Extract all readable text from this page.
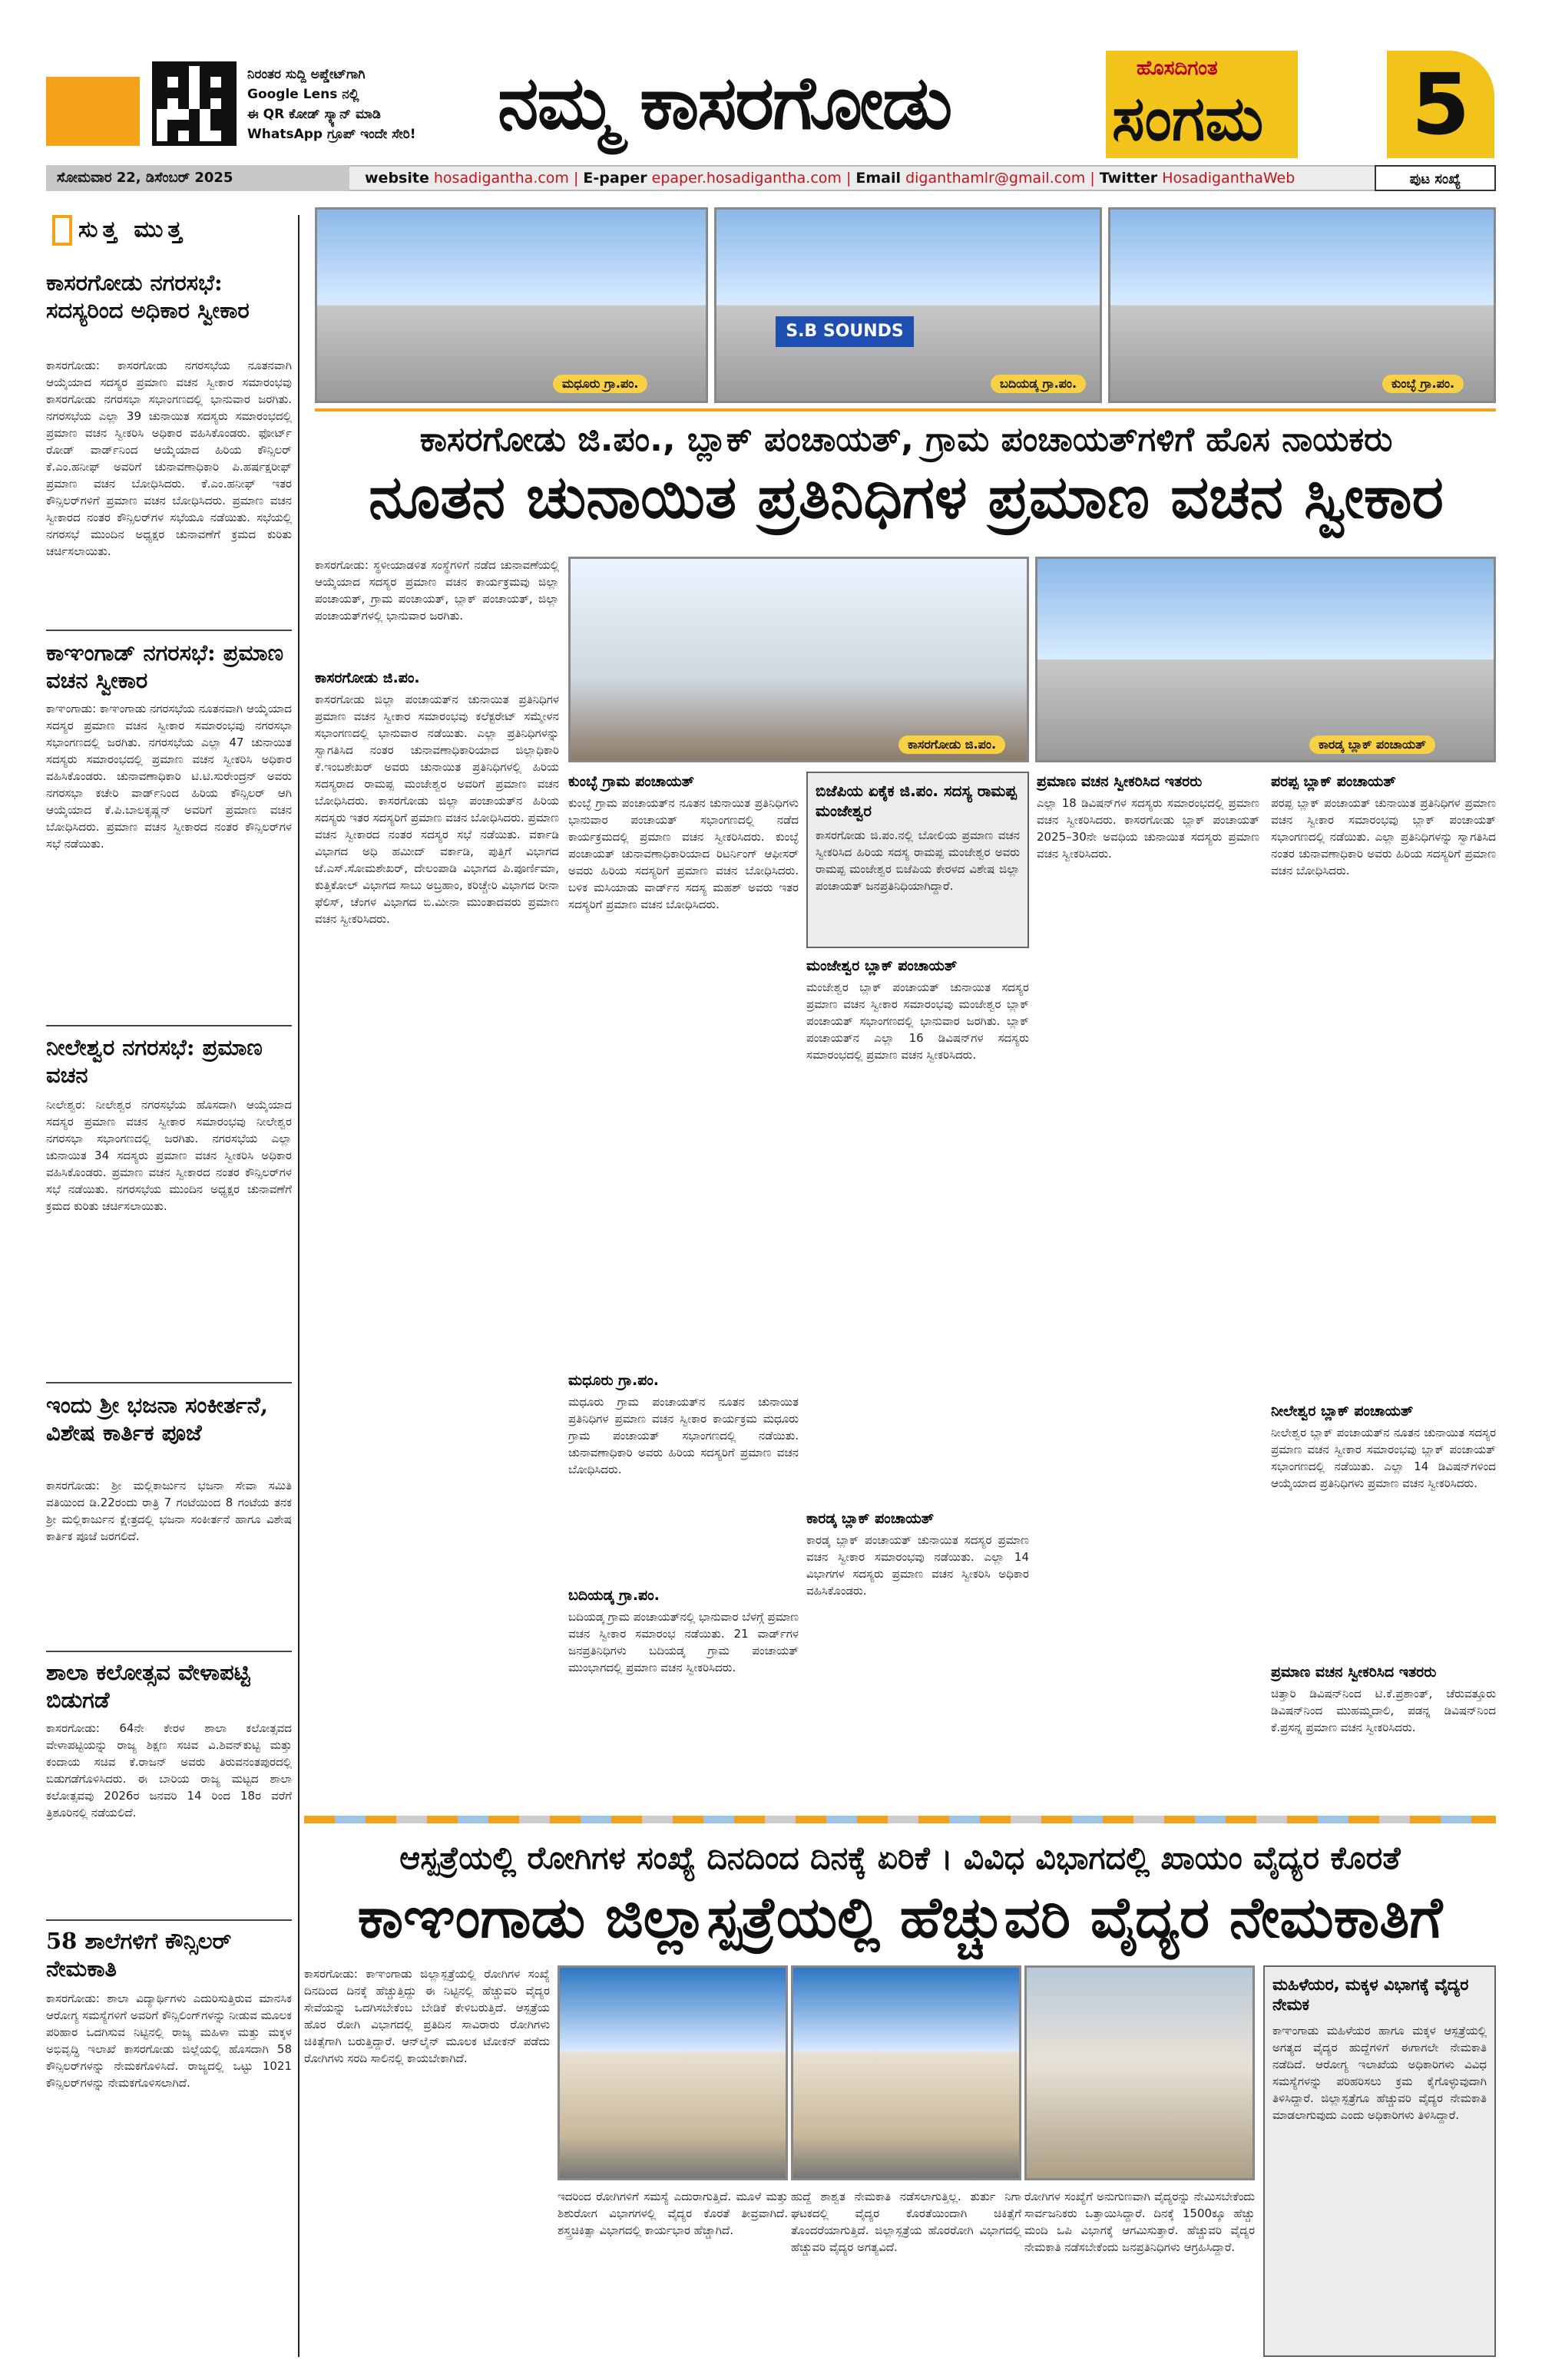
ನಿರಂತರ ಸುದ್ದಿ ಅಪ್ಡೇಟ್‌ಗಾಗಿ
Google Lens ನಲ್ಲಿ
ಈ QR ಕೋಡ್ ಸ್ಕ್ಯಾನ್ ಮಾಡಿ
WhatsApp ಗ್ರೂಪ್ ಇಂದೇ ಸೇರಿ!	ನಮ್ಮ ಕಾಸರಗೋಡು	ಹೊಸದಿಗಂತ
ಸಂಗಮ 5
ಸೋಮವಾರ 22, ಡಿಸೆಂಬರ್ 2025	website hosadigantha.com | E-paper epaper.hosadigantha.com | Email diganthamlr@gmail.com | Twitter HosadiganthaWeb	ಪುಟ ಸಂಖ್ಯೆ
ಸುತ್ತ ಮುತ್ತ
ಕಾಸರಗೋಡು ನಗರಸಭೆ: ಸದಸ್ಯರಿಂದ ಅಧಿಕಾರ ಸ್ವೀಕಾರ
ಕಾಸರಗೋಡು: ಕಾಸರಗೋಡು ನಗರಸಭೆಯ ನೂತನವಾಗಿ ಆಯ್ಕೆಯಾದ ಸದಸ್ಯರ ಪ್ರಮಾಣ ವಚನ ಸ್ವೀಕಾರ ಸಮಾರಂಭವು ಕಾಸರಗೋಡು ನಗರಸಭಾ ಸಭಾಂಗಣದಲ್ಲಿ ಭಾನುವಾರ ಜರಗಿತು. ನಗರಸಭೆಯ ಎಲ್ಲಾ 39 ಚುನಾಯಿತ ಸದಸ್ಯರು ಸಮಾರಂಭದಲ್ಲಿ ಪ್ರಮಾಣ ವಚನ ಸ್ವೀಕರಿಸಿ ಅಧಿಕಾರ ವಹಿಸಿಕೊಂಡರು. ಫೋರ್ಟ್ ರೋಡ್ ವಾರ್ಡ್‌ನಿಂದ ಆಯ್ಕೆಯಾದ ಹಿರಿಯ ಕೌನ್ಸಿಲರ್ ಕೆ.ಎಂ.ಹನೀಫ್ ಅವರಿಗೆ ಚುನಾವಣಾಧಿಕಾರಿ ಪಿ.ಹರ್ಷಕ್ಷರೀಫ್ ಪ್ರಮಾಣ ವಚನ ಬೋಧಿಸಿದರು. ಕೆ.ಎಂ.ಹನೀಫ್ ಇತರ ಕೌನ್ಸಿಲರ್‌ಗಳಿಗೆ ಪ್ರಮಾಣ ವಚನ ಬೋಧಿಸಿದರು. ಪ್ರಮಾಣ ವಚನ ಸ್ವೀಕಾರದ ನಂತರ ಕೌನ್ಸಿಲರ್‌ಗಳ ಸಭೆಯೂ ನಡೆಯಿತು. ಸಭೆಯಲ್ಲಿ ನಗರಸಭೆ ಮುಂದಿನ ಅಧ್ಯಕ್ಷರ ಚುನಾವಣೆಗೆ ಕ್ರಮದ ಕುರಿತು ಚರ್ಚಿಸಲಾಯಿತು.
ಕಾಞಂಗಾಡ್ ನಗರಸಭೆ: ಪ್ರಮಾಣ ವಚನ ಸ್ವೀಕಾರ
ಕಾಞಂಗಾಡು: ಕಾಞಂಗಾಡು ನಗರಸಭೆಯ ನೂತನವಾಗಿ ಆಯ್ಕೆಯಾದ ಸದಸ್ಯರ ಪ್ರಮಾಣ ವಚನ ಸ್ವೀಕಾರ ಸಮಾರಂಭವು ನಗರಸಭಾ ಸಭಾಂಗಣದಲ್ಲಿ ಜರಗಿತು. ನಗರಸಭೆಯ ಎಲ್ಲಾ 47 ಚುನಾಯಿತ ಸದಸ್ಯರು ಸಮಾರಂಭದಲ್ಲಿ ಪ್ರಮಾಣ ವಚನ ಸ್ವೀಕರಿಸಿ ಅಧಿಕಾರ ವಹಿಸಿಕೊಂಡರು. ಚುನಾವಣಾಧಿಕಾರಿ ಟಿ.ಟಿ.ಸುರೇಂದ್ರನ್ ಅವರು ನಗರಸಭಾ ಕಚೇರಿ ವಾರ್ಡ್‌ನಿಂದ ಹಿರಿಯ ಕೌನ್ಸಿಲರ್ ಆಗಿ ಆಯ್ಕೆಯಾದ ಕೆ.ಪಿ.ಬಾಲಕೃಷ್ಣನ್ ಅವರಿಗೆ ಪ್ರಮಾಣ ವಚನ ಬೋಧಿಸಿದರು. ಪ್ರಮಾಣ ವಚನ ಸ್ವೀಕಾರದ ನಂತರ ಕೌನ್ಸಿಲರ್‌ಗಳ ಸಭೆ ನಡೆಯಿತು.
ನೀಲೇಶ್ವರ ನಗರಸಭೆ: ಪ್ರಮಾಣ ವಚನ
ನೀಲೇಶ್ವರ: ನೀಲೇಶ್ವರ ನಗರಸಭೆಯ ಹೊಸದಾಗಿ ಆಯ್ಕೆಯಾದ ಸದಸ್ಯರ ಪ್ರಮಾಣ ವಚನ ಸ್ವೀಕಾರ ಸಮಾರಂಭವು ನೀಲೇಶ್ವರ ನಗರಸಭಾ ಸಭಾಂಗಣದಲ್ಲಿ ಜರಗಿತು. ನಗರಸಭೆಯ ಎಲ್ಲಾ ಚುನಾಯಿತ 34 ಸದಸ್ಯರು ಪ್ರಮಾಣ ವಚನ ಸ್ವೀಕರಿಸಿ ಅಧಿಕಾರ ವಹಿಸಿಕೊಂಡರು. ಪ್ರಮಾಣ ವಚನ ಸ್ವೀಕಾರದ ನಂತರ ಕೌನ್ಸಿಲರ್‌ಗಳ ಸಭೆ ನಡೆಯಿತು. ನಗರಸಭೆಯ ಮುಂದಿನ ಅಧ್ಯಕ್ಷರ ಚುನಾವಣೆಗೆ ಕ್ರಮದ ಕುರಿತು ಚರ್ಚಿಸಲಾಯಿತು.
ಇಂದು ಶ್ರೀ ಭಜನಾ ಸಂಕೀರ್ತನೆ, ವಿಶೇಷ ಕಾರ್ತಿಕ ಪೂಜೆ
ಕಾಸರಗೋಡು: ಶ್ರೀ ಮಲ್ಲಿಕಾರ್ಜುನ ಭಜನಾ ಸೇವಾ ಸಮಿತಿ ವತಿಯಿಂದ ಡಿ.22ರಂದು ರಾತ್ರಿ 7 ಗಂಟೆಯಿಂದ 8 ಗಂಟೆಯ ತನಕ ಶ್ರೀ ಮಲ್ಲಿಕಾರ್ಜುನ ಕ್ಷೇತ್ರದಲ್ಲಿ ಭಜನಾ ಸಂಕೀರ್ತನೆ ಹಾಗೂ ವಿಶೇಷ ಕಾರ್ತಿಕ ಪೂಜೆ ಜರಗಲಿದೆ.
ಶಾಲಾ ಕಲೋತ್ಸವ ವೇಳಾಪಟ್ಟಿ ಬಿಡುಗಡೆ
ಕಾಸರಗೋಡು: 64ನೇ ಕೇರಳ ಶಾಲಾ ಕಲೋತ್ಸವದ ವೇಳಾಪಟ್ಟಿಯನ್ನು ರಾಜ್ಯ ಶಿಕ್ಷಣ ಸಚಿವ ವಿ.ಶಿವನ್‌ಕುಟ್ಟಿ ಮತ್ತು ಕಂದಾಯ ಸಚಿವ ಕೆ.ರಾಜನ್ ಅವರು ತಿರುವನಂತಪುರದಲ್ಲಿ ಬಿಡುಗಡೆಗೊಳಿಸಿದರು. ಈ ಬಾರಿಯ ರಾಜ್ಯ ಮಟ್ಟದ ಶಾಲಾ ಕಲೋತ್ಸವವು 2026ರ ಜನವರಿ 14 ರಿಂದ 18ರ ವರೆಗೆ ತ್ರಿಶೂರಿನಲ್ಲಿ ನಡೆಯಲಿದೆ.
58 ಶಾಲೆಗಳಿಗೆ ಕೌನ್ಸಿಲರ್ ನೇಮಕಾತಿ
ಕಾಸರಗೋಡು: ಶಾಲಾ ವಿದ್ಯಾರ್ಥಿಗಳು ಎದುರಿಸುತ್ತಿರುವ ಮಾನಸಿಕ ಆರೋಗ್ಯ ಸಮಸ್ಯೆಗಳಿಗೆ ಅವರಿಗೆ ಕೌನ್ಸಿಲಿಂಗ್‌ಗಳನ್ನು ನೀಡುವ ಮೂಲಕ ಪರಿಹಾರ ಒದಗಿಸುವ ನಿಟ್ಟಿನಲ್ಲಿ ರಾಜ್ಯ ಮಹಿಳಾ ಮತ್ತು ಮಕ್ಕಳ ಅಭಿವೃದ್ಧಿ ಇಲಾಖೆ ಕಾಸರಗೋಡು ಜಿಲ್ಲೆಯಲ್ಲಿ ಹೊಸದಾಗಿ 58 ಕೌನ್ಸಿಲರ್‌ಗಳನ್ನು ನೇಮಕಗೊಳಿಸಿದೆ. ರಾಜ್ಯದಲ್ಲಿ ಒಟ್ಟು 1021 ಕೌನ್ಸಿಲರ್‌ಗಳನ್ನು ನೇಮಕಗೊಳಿಸಲಾಗಿದೆ.
ಮಧೂರು ಗ್ರಾ.ಪಂ.
S.B SOUNDS
ಬದಿಯಡ್ಕ ಗ್ರಾ.ಪಂ.	ಕುಂಬ್ಳೆ ಗ್ರಾ.ಪಂ.
ಕಾಸರಗೋಡು ಜಿ.ಪಂ., ಬ್ಲಾಕ್ ಪಂಚಾಯತ್, ಗ್ರಾಮ ಪಂಚಾಯತ್‌ಗಳಿಗೆ ಹೊಸ ನಾಯಕರು
ನೂತನ ಚುನಾಯಿತ ಪ್ರತಿನಿಧಿಗಳ ಪ್ರಮಾಣ ವಚನ ಸ್ವೀಕಾರ
ಕಾಸರಗೋಡು: ಸ್ಥಳೀಯಾಡಳಿತ ಸಂಸ್ಥೆಗಳಿಗೆ ನಡೆದ ಚುನಾವಣೆಯಲ್ಲಿ ಆಯ್ಕೆಯಾದ ಸದಸ್ಯರ ಪ್ರಮಾಣ ವಚನ ಕಾರ್ಯಕ್ರಮವು ಜಿಲ್ಲಾ ಪಂಚಾಯತ್, ಗ್ರಾಮ ಪಂಚಾಯತ್, ಬ್ಲಾಕ್ ಪಂಚಾಯತ್, ಜಿಲ್ಲಾ ಪಂಚಾಯತ್‌ಗಳಲ್ಲಿ ಭಾನುವಾರ ಜರಗಿತು.
ಕಾಸರಗೋಡು ಜಿ.ಪಂ.
ಕಾಸರಗೋಡು ಜಿಲ್ಲಾ ಪಂಚಾಯತ್‌ನ ಚುನಾಯಿತ ಪ್ರತಿನಿಧಿಗಳ ಪ್ರಮಾಣ ವಚನ ಸ್ವೀಕಾರ ಸಮಾರಂಭವು ಕಲೆಕ್ಟರೇಟ್ ಸಮ್ಮೇಳನ ಸಭಾಂಗಣದಲ್ಲಿ ಭಾನುವಾರ ನಡೆಯಿತು. ಎಲ್ಲಾ ಪ್ರತಿನಿಧಿಗಳನ್ನು ಸ್ವಾಗತಿಸಿದ ನಂತರ ಚುನಾವಣಾಧಿಕಾರಿಯಾದ ಜಿಲ್ಲಾಧಿಕಾರಿ ಕೆ.ಇಂಬಶೇಖರ್ ಅವರು ಚುನಾಯಿತ ಪ್ರತಿನಿಧಿಗಳಲ್ಲಿ ಹಿರಿಯ ಸದಸ್ಯರಾದ ರಾಮಪ್ಪ ಮಂಜೇಶ್ವರ ಅವರಿಗೆ ಪ್ರಮಾಣ ವಚನ ಬೋಧಿಸಿದರು. ಕಾಸರಗೋಡು ಜಿಲ್ಲಾ ಪಂಚಾಯತ್‌ನ ಹಿರಿಯ ಸದಸ್ಯರು ಇತರ ಸದಸ್ಯರಿಗೆ ಪ್ರಮಾಣ ವಚನ ಬೋಧಿಸಿದರು. ಪ್ರಮಾಣ ವಚನ ಸ್ವೀಕಾರದ ನಂತರ ಸದಸ್ಯರ ಸಭೆ ನಡೆಯಿತು. ವರ್ಕಾಡಿ ವಿಭಾಗದ ಅಧಿ ಹಮೀದ್ ವರ್ಕಾಡಿ, ಪುತ್ತಿಗೆ ವಿಭಾಗದ ಜೆ.ಎಸ್.ಸೋಮಶೇಖರ್, ದೇಲಂಪಾಡಿ ವಿಭಾಗದ ಪಿ.ಪೂರ್ಣಿಮಾ, ಕುತ್ತಿಕೋಲ್ ವಿಭಾಗದ ಸಾಬು ಅಬ್ರಹಾಂ, ಕರಿಚ್ಚೇರಿ ವಿಭಾಗದ ರೀನಾ ಫೆಲಿಸ್, ಚೆಂಗಳ ವಿಭಾಗದ ಬಿ.ಮೀನಾ ಮುಂತಾದವರು ಪ್ರಮಾಣ ವಚನ ಸ್ವೀಕರಿಸಿದರು.
ಕಾಸರಗೋಡು ಜಿ.ಪಂ.	ಕಾರಡ್ಕ ಬ್ಲಾಕ್ ಪಂಚಾಯತ್
ಕುಂಬ್ಳೆ ಗ್ರಾಮ ಪಂಚಾಯತ್
ಕುಂಬ್ಳೆ ಗ್ರಾಮ ಪಂಚಾಯತ್‌ನ ನೂತನ ಚುನಾಯಿತ ಪ್ರತಿನಿಧಿಗಳು ಭಾನುವಾರ ಪಂಚಾಯತ್ ಸಭಾಂಗಣದಲ್ಲಿ ನಡೆದ ಕಾರ್ಯಕ್ರಮದಲ್ಲಿ ಪ್ರಮಾಣ ವಚನ ಸ್ವೀಕರಿಸಿದರು. ಕುಂಬ್ಳೆ ಪಂಚಾಯತ್ ಚುನಾವಣಾಧಿಕಾರಿಯಾದ ರಿಟರ್ನಿಂಗ್ ಆಫೀಸರ್ ಅವರು ಹಿರಿಯ ಸದಸ್ಯರಿಗೆ ಪ್ರಮಾಣ ವಚನ ಬೋಧಿಸಿದರು. ಬಳಿಕ ಮಸಿಯಾಡು ವಾರ್ಡ್‌ನ ಸದಸ್ಯ ಮಹಶ್ ಅವರು ಇತರ ಸದಸ್ಯರಿಗೆ ಪ್ರಮಾಣ ವಚನ ಬೋಧಿಸಿದರು.
ಮಧೂರು ಗ್ರಾ.ಪಂ.
ಮಧೂರು ಗ್ರಾಮ ಪಂಚಾಯತ್‌ನ ನೂತನ ಚುನಾಯಿತ ಪ್ರತಿನಿಧಿಗಳ ಪ್ರಮಾಣ ವಚನ ಸ್ವೀಕಾರ ಕಾರ್ಯಕ್ರಮ ಮಧೂರು ಗ್ರಾಮ ಪಂಚಾಯತ್ ಸಭಾಂಗಣದಲ್ಲಿ ನಡೆಯಿತು. ಚುನಾವಣಾಧಿಕಾರಿ ಅವರು ಹಿರಿಯ ಸದಸ್ಯರಿಗೆ ಪ್ರಮಾಣ ವಚನ ಬೋಧಿಸಿದರು.
ಬದಿಯಡ್ಕ ಗ್ರಾ.ಪಂ.
ಬದಿಯಡ್ಕ ಗ್ರಾಮ ಪಂಚಾಯತ್‌ನಲ್ಲಿ ಭಾನುವಾರ ಬೆಳಗ್ಗೆ ಪ್ರಮಾಣ ವಚನ ಸ್ವೀಕಾರ ಸಮಾರಂಭ ನಡೆಯಿತು. 21 ವಾರ್ಡ್‌ಗಳ ಜನಪ್ರತಿನಿಧಿಗಳು ಬದಿಯಡ್ಕ ಗ್ರಾಮ ಪಂಚಾಯತ್ ಮುಂಭಾಗದಲ್ಲಿ ಪ್ರಮಾಣ ವಚನ ಸ್ವೀಕರಿಸಿದರು.
ಬಿಜೆಪಿಯ ಏಕೈಕ ಜಿ.ಪಂ. ಸದಸ್ಯ ರಾಮಪ್ಪ ಮಂಜೇಶ್ವರ
ಕಾಸರಗೋಡು ಜಿ.ಪಂ.ನಲ್ಲಿ ಬೋಲಿಯ ಪ್ರಮಾಣ ವಚನ ಸ್ವೀಕರಿಸಿದ ಹಿರಿಯ ಸದಸ್ಯ ರಾಮಪ್ಪ ಮಂಜೇಶ್ವರ ಅವರು ರಾಮಪ್ಪ ಮಂಜೇಶ್ವರ ಬಿಜೆಪಿಯ ಕೇರಳದ ವಿಶೇಷ ಜಿಲ್ಲಾ ಪಂಚಾಯತ್ ಜನಪ್ರತಿನಿಧಿಯಾಗಿದ್ದಾರೆ.
ಮಂಜೇಶ್ವರ ಬ್ಲಾಕ್ ಪಂಚಾಯತ್
ಮಂಜೇಶ್ವರ ಬ್ಲಾಕ್ ಪಂಚಾಯತ್ ಚುನಾಯಿತ ಸದಸ್ಯರ ಪ್ರಮಾಣ ವಚನ ಸ್ವೀಕಾರ ಸಮಾರಂಭವು ಮಂಜೇಶ್ವರ ಬ್ಲಾಕ್ ಪಂಚಾಯತ್ ಸಭಾಂಗಣದಲ್ಲಿ ಭಾನುವಾರ ಜರಗಿತು. ಬ್ಲಾಕ್ ಪಂಚಾಯತ್‌ನ ಎಲ್ಲಾ 16 ಡಿವಿಷನ್‌ಗಳ ಸದಸ್ಯರು ಸಮಾರಂಭದಲ್ಲಿ ಪ್ರಮಾಣ ವಚನ ಸ್ವೀಕರಿಸಿದರು.
ಕಾರಡ್ಕ ಬ್ಲಾಕ್ ಪಂಚಾಯತ್
ಕಾರಡ್ಕ ಬ್ಲಾಕ್ ಪಂಚಾಯತ್ ಚುನಾಯಿತ ಸದಸ್ಯರ ಪ್ರಮಾಣ ವಚನ ಸ್ವೀಕಾರ ಸಮಾರಂಭವು ನಡೆಯಿತು. ಎಲ್ಲಾ 14 ವಿಭಾಗಗಳ ಸದಸ್ಯರು ಪ್ರಮಾಣ ವಚನ ಸ್ವೀಕರಿಸಿ ಅಧಿಕಾರ ವಹಿಸಿಕೊಂಡರು.
ಪ್ರಮಾಣ ವಚನ ಸ್ವೀಕರಿಸಿದ ಇತರರು
ಎಲ್ಲಾ 18 ಡಿವಿಷನ್‌ಗಳ ಸದಸ್ಯರು ಸಮಾರಂಭದಲ್ಲಿ ಪ್ರಮಾಣ ವಚನ ಸ್ವೀಕರಿಸಿದರು. ಕಾಸರಗೋಡು ಬ್ಲಾಕ್ ಪಂಚಾಯತ್ 2025–30ನೇ ಅವಧಿಯ ಚುನಾಯಿತ ಸದಸ್ಯರು ಪ್ರಮಾಣ ವಚನ ಸ್ವೀಕರಿಸಿದರು.
ಪರಪ್ಪ ಬ್ಲಾಕ್ ಪಂಚಾಯತ್
ಪರಪ್ಪ ಬ್ಲಾಕ್ ಪಂಚಾಯತ್ ಚುನಾಯಿತ ಪ್ರತಿನಿಧಿಗಳ ಪ್ರಮಾಣ ವಚನ ಸ್ವೀಕಾರ ಸಮಾರಂಭವು ಬ್ಲಾಕ್ ಪಂಚಾಯತ್ ಸಭಾಂಗಣದಲ್ಲಿ ನಡೆಯಿತು. ಎಲ್ಲಾ ಪ್ರತಿನಿಧಿಗಳನ್ನು ಸ್ವಾಗತಿಸಿದ ನಂತರ ಚುನಾವಣಾಧಿಕಾರಿ ಅವರು ಹಿರಿಯ ಸದಸ್ಯರಿಗೆ ಪ್ರಮಾಣ ವಚನ ಬೋಧಿಸಿದರು.
ನೀಲೇಶ್ವರ ಬ್ಲಾಕ್ ಪಂಚಾಯತ್
ನೀಲೇಶ್ವರ ಬ್ಲಾಕ್ ಪಂಚಾಯತ್‌ನ ನೂತನ ಚುನಾಯಿತ ಸದಸ್ಯರ ಪ್ರಮಾಣ ವಚನ ಸ್ವೀಕಾರ ಸಮಾರಂಭವು ಬ್ಲಾಕ್ ಪಂಚಾಯತ್ ಸಭಾಂಗಣದಲ್ಲಿ ನಡೆಯಿತು. ಎಲ್ಲಾ 14 ಡಿವಿಷನ್‌ಗಳಿಂದ ಆಯ್ಕೆಯಾದ ಪ್ರತಿನಿಧಿಗಳು ಪ್ರಮಾಣ ವಚನ ಸ್ವೀಕರಿಸಿದರು.
ಪ್ರಮಾಣ ವಚನ ಸ್ವೀಕರಿಸಿದ ಇತರರು
ಚಿತ್ತಾರಿ ಡಿವಿಷನ್‌ನಿಂದ ಟಿ.ಕೆ.ಪ್ರಶಾಂತ್, ಚೆರುವತ್ತೂರು ಡಿವಿಷನ್‌ನಿಂದ ಮುಹಮ್ಮದಾಲಿ, ಪಡನ್ನ ಡಿವಿಷನ್‌ನಿಂದ ಕೆ.ಪ್ರಸನ್ನ ಪ್ರಮಾಣ ವಚನ ಸ್ವೀಕರಿಸಿದರು.
ಆಸ್ಪತ್ರೆಯಲ್ಲಿ ರೋಗಿಗಳ ಸಂಖ್ಯೆ ದಿನದಿಂದ ದಿನಕ್ಕೆ ಏರಿಕೆ । ವಿವಿಧ ವಿಭಾಗದಲ್ಲಿ ಖಾಯಂ ವೈದ್ಯರ ಕೊರತೆ
ಕಾಞಂಗಾಡು ಜಿಲ್ಲಾಸ್ಪತ್ರೆಯಲ್ಲಿ ಹೆಚ್ಚುವರಿ ವೈದ್ಯರ ನೇಮಕಾತಿಗೆ
ಕಾಸರಗೋಡು: ಕಾಞಂಗಾಡು ಜಿಲ್ಲಾಸ್ಪತ್ರೆಯಲ್ಲಿ ರೋಗಿಗಳ ಸಂಖ್ಯೆ ದಿನದಿಂದ ದಿನಕ್ಕೆ ಹೆಚ್ಚುತ್ತಿದ್ದು ಈ ನಿಟ್ಟಿನಲ್ಲಿ ಹೆಚ್ಚುವರಿ ವೈದ್ಯರ ಸೇವೆಯನ್ನು ಒದಗಿಸಬೇಕೆಂಬ ಬೇಡಿಕೆ ಕೇಳಿಬರುತ್ತಿದೆ. ಆಸ್ಪತ್ರೆಯ ಹೊರ ರೋಗಿ ವಿಭಾಗದಲ್ಲಿ ಪ್ರತಿದಿನ ಸಾವಿರಾರು ರೋಗಿಗಳು ಚಿಕಿತ್ಸೆಗಾಗಿ ಬರುತ್ತಿದ್ದಾರೆ. ಆನ್‌ಲೈನ್ ಮೂಲಕ ಟೋಕನ್ ಪಡೆದು ರೋಗಿಗಳು ಸರದಿ ಸಾಲಿನಲ್ಲಿ ಕಾಯಬೇಕಾಗಿದೆ.
ಇದರಿಂದ ರೋಗಿಗಳಿಗೆ ಸಮಸ್ಯೆ ಎದುರಾಗುತ್ತಿದೆ. ಮೂಳೆ ಮತ್ತು ಶಿಶುರೋಗ ವಿಭಾಗಗಳಲ್ಲಿ ವೈದ್ಯರ ಕೊರತೆ ತೀವ್ರವಾಗಿದೆ. ಶಸ್ತ್ರಚಿಕಿತ್ಸಾ ವಿಭಾಗದಲ್ಲಿ ಕಾರ್ಯಭಾರ ಹೆಚ್ಚಾಗಿದೆ.
ಹುದ್ದೆ ಶಾಶ್ವತ ನೇಮಕಾತಿ ನಡೆಸಲಾಗುತ್ತಿಲ್ಲ. ತುರ್ತು ನಿಗಾ ಘಟಕದಲ್ಲಿ ವೈದ್ಯರ ಕೊರತೆಯಿಂದಾಗಿ ಚಿಕಿತ್ಸೆಗೆ ತೊಂದರೆಯಾಗುತ್ತಿದೆ. ಜಿಲ್ಲಾಸ್ಪತ್ರೆಯ ಹೊರರೋಗಿ ವಿಭಾಗದಲ್ಲಿ ಹೆಚ್ಚುವರಿ ವೈದ್ಯರ ಅಗತ್ಯವಿದೆ.
ರೋಗಿಗಳ ಸಂಖ್ಯೆಗೆ ಅನುಗುಣವಾಗಿ ವೈದ್ಯರನ್ನು ನೇಮಿಸಬೇಕೆಂದು ಸಾರ್ವಜನಿಕರು ಒತ್ತಾಯಿಸಿದ್ದಾರೆ. ದಿನಕ್ಕೆ 1500ಕ್ಕೂ ಹೆಚ್ಚು ಮಂದಿ ಒಪಿ ವಿಭಾಗಕ್ಕೆ ಆಗಮಿಸುತ್ತಾರೆ. ಹೆಚ್ಚುವರಿ ವೈದ್ಯರ ನೇಮಕಾತಿ ನಡೆಸಬೇಕೆಂದು ಜನಪ್ರತಿನಿಧಿಗಳು ಆಗ್ರಹಿಸಿದ್ದಾರೆ.
ಮಹಿಳೆಯರ, ಮಕ್ಕಳ ವಿಭಾಗಕ್ಕೆ ವೈದ್ಯರ ನೇಮಕ
ಕಾಞಂಗಾಡು ಮಹಿಳೆಯರ ಹಾಗೂ ಮಕ್ಕಳ ಆಸ್ಪತ್ರೆಯಲ್ಲಿ ಅಗತ್ಯದ ವೈದ್ಯರ ಹುದ್ದೆಗಳಿಗೆ ಈಗಾಗಲೇ ನೇಮಕಾತಿ ನಡೆದಿದೆ. ಆರೋಗ್ಯ ಇಲಾಖೆಯ ಅಧಿಕಾರಿಗಳು ವಿವಿಧ ಸಮಸ್ಯೆಗಳನ್ನು ಪರಿಹರಿಸಲು ಕ್ರಮ ಕೈಗೊಳ್ಳುವುದಾಗಿ ತಿಳಿಸಿದ್ದಾರೆ. ಜಿಲ್ಲಾಸ್ಪತ್ರೆಗೂ ಹೆಚ್ಚುವರಿ ವೈದ್ಯರ ನೇಮಕಾತಿ ಮಾಡಲಾಗುವುದು ಎಂದು ಅಧಿಕಾರಿಗಳು ತಿಳಿಸಿದ್ದಾರೆ.
